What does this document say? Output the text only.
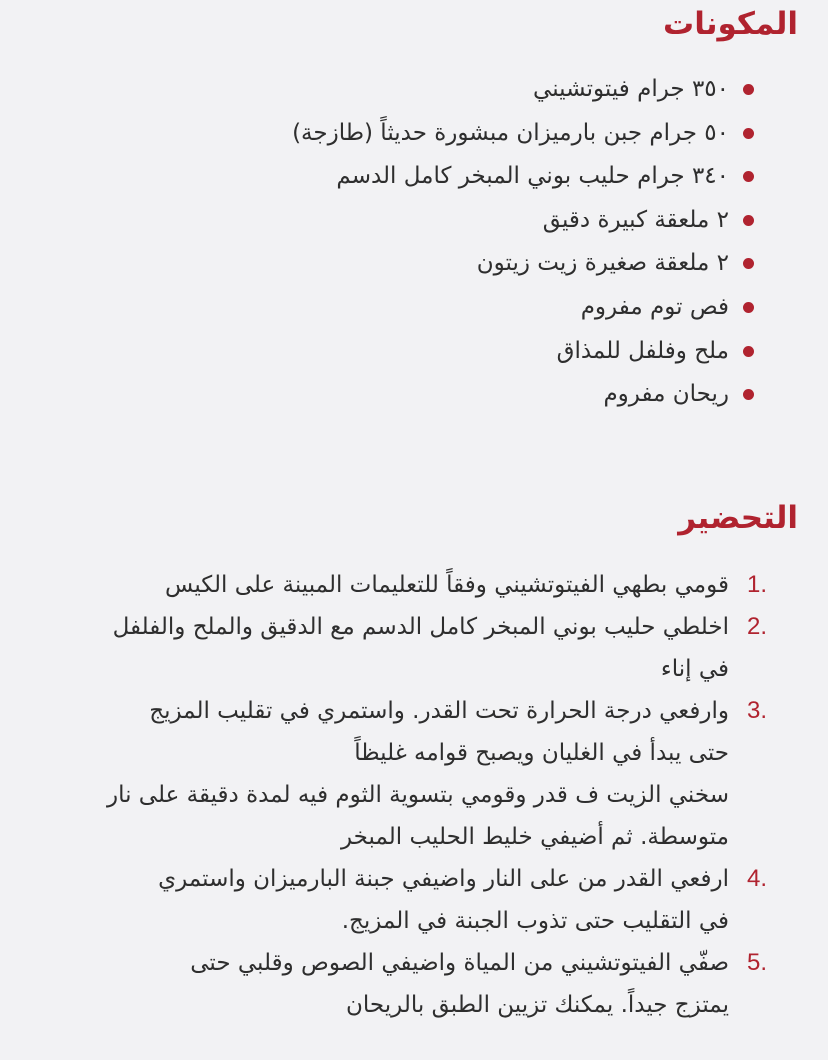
المكونات
٣٥٠ جرام فيتوتشيني
٥٠ جرام جبن بارميزان مبشورة حديثاً (طازجة)
٣٤٠ جرام حليب بوني المبخر كامل الدسم
٢ ملعقة كبيرة دقيق
٢ ملعقة صغيرة زيت زيتون
فص توم مفروم
ملح وفلفل للمذاق
ريحان مفروم
التحضير
1.
قومي بطهي الفيتوتشيني وفقاً للتعليمات المبينة على الكيس
2.
اخلطي حليب بوني المبخر كامل الدسم مع الدقيق والملح والفلفل
في إناء
3.
وارفعي درجة الحرارة تحت القدر. واستمري في تقليب المزيج
حتى يبدأ في الغليان ويصبح قوامه غليظاً
سخني الزيت ف قدر وقومي بتسوية الثوم فيه لمدة دقيقة على نار
متوسطة. ثم أضيفي خليط الحليب المبخر
4.
ارفعي القدر من على النار واضيفي جبنة البارميزان واستمري
في التقليب حتى تذوب الجبنة في المزيج.
5.
صفّي الفيتوتشيني من المياة واضيفي الصوص وقلبي حتى
يمتزج جيداً. يمكنك تزيين الطبق بالريحان
